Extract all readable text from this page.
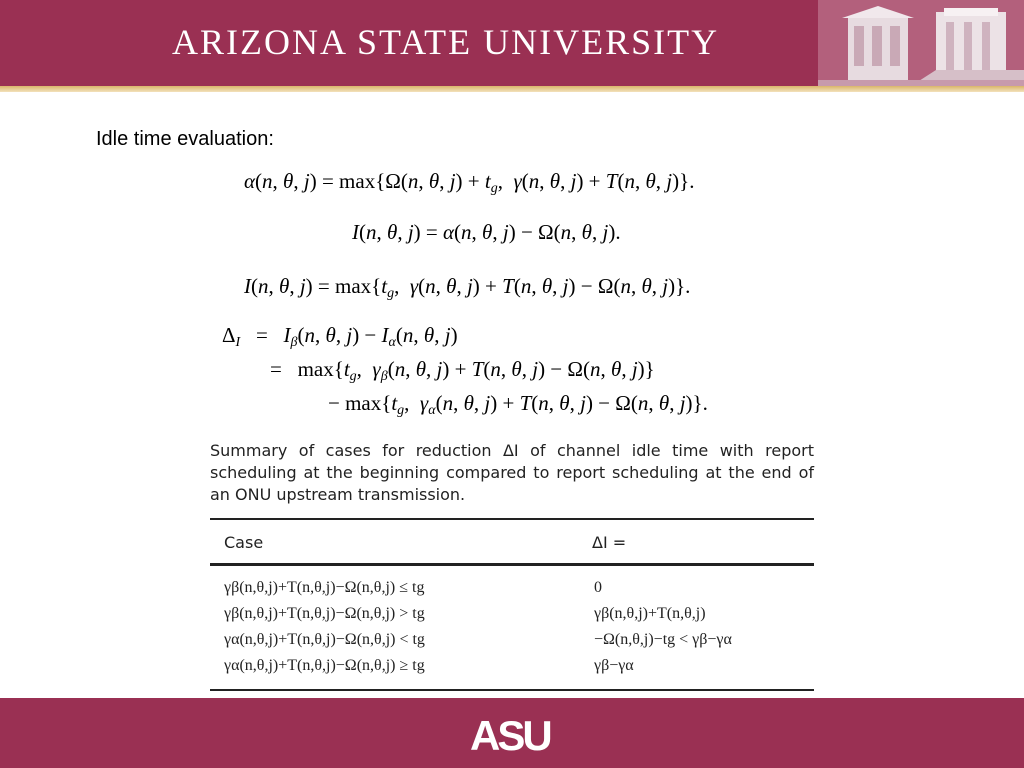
ARIZONA STATE UNIVERSITY
Idle time evaluation:
α(n, θ, j) = max{Ω(n, θ, $j) + t_g$,  γ(n, θ, j) + T(n, θ, j)}.
I(n, θ, j) = α(n, θ, j) − Ω(n, θ, j).
I(n, θ, $j) = \max\{t_g$,  γ(n, θ, j) + T(n, θ, j) − Ω(n, θ, j)}.
$\Delta_I = I_\beta(n$, θ, $j) - I_\alpha(n$, θ, j)
=   $\max\{t_g$,  $\gamma_\beta(n$, θ, j) + T(n, θ, j) − Ω(n, θ, j)}
− $\max\{t_g$,  $\gamma_\alpha(n$, θ, j) + T(n, θ, j) − Ω(n, θ, j)}.
Summary of cases for reduction ΔI of channel idle time with report scheduling at the beginning compared to report scheduling at the end of an ONU upstream transmission.
Case	ΔI =
γβ(n,θ,j)+T(n,θ,j)−Ω(n,θ,j) ≤ tg	0
γβ(n,θ,j)+T(n,θ,j)−Ω(n,θ,j) > tg	γβ(n,θ,j)+T(n,θ,j)
γα(n,θ,j)+T(n,θ,j)−Ω(n,θ,j) < tg	−Ω(n,θ,j)−tg < γβ−γα
γα(n,θ,j)+T(n,θ,j)−Ω(n,θ,j) ≥ tg	γβ−γα
ASU
